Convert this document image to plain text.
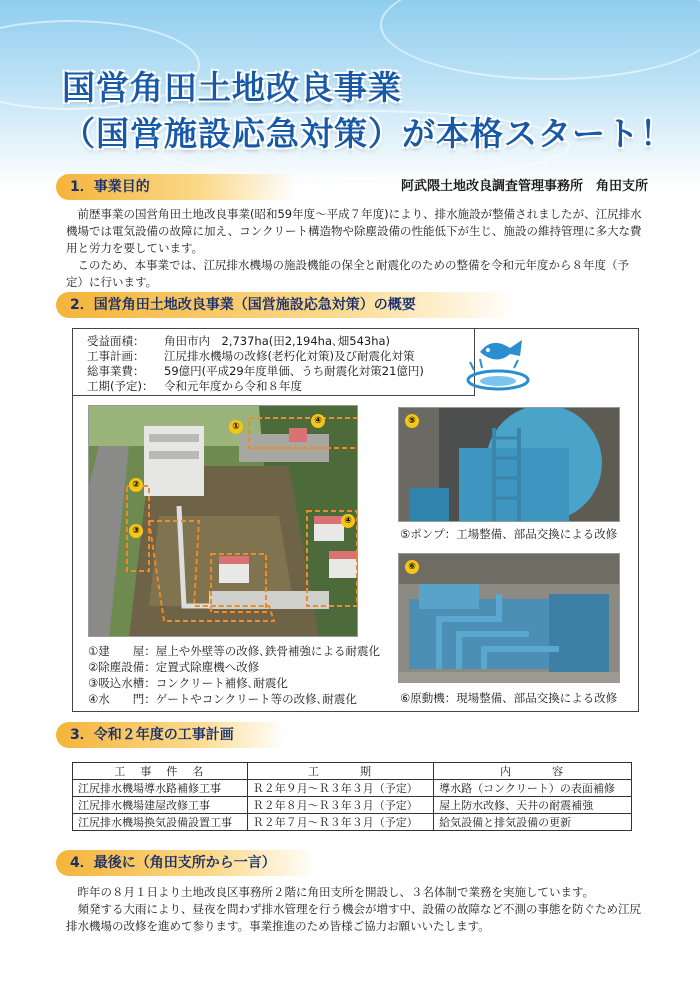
国営角田土地改良事業
（国営施設応急対策）が本格スタート！
1．事業目的	阿武隈土地改良調査管理事務所　角田支所

前歴事業の国営角田土地改良事業(昭和59年度～平成７年度)により、排水施設が整備されましたが、江尻排水機場では電気設備の故障に加え、コンクリート構造物や除塵設備の性能低下が生じ、施設の維持管理に多大な費用と労力を要しています。

このため、本事業では、江尻排水機場の施設機能の保全と耐震化のための整備を令和元年度から８年度（予定）に行います。

2．国営角田土地改良事業（国営施設応急対策）の概要
受益面積： 角田市内　2,737ha(田2,194ha､畑543ha)
工事計画： 江尻排水機場の改修(老朽化対策)及び耐震化対策
総事業費： 59億円(平成29年度単価、うち耐震化対策21億円)
工期(予定)： 令和元年度から令和８年度
①
②
③
④
④
①建　　屋：屋上や外壁等の改修､鉄骨補強による耐震化
②除塵設備：定置式除塵機へ改修
③吸込水槽：コンクリート補修､耐震化
④水　　門：ゲートやコンクリート等の改修､耐震化
⑤
⑤ポンプ：工場整備、部品交換による改修
⑥
⑥原動機：現場整備、部品交換による改修
3．令和２年度の工事計画
工　事　件　名	工　　　期	内　　　容
江尻排水機場導水路補修工事	Ｒ２年９月～Ｒ３年３月（予定）	導水路（コンクリート）の表面補修
江尻排水機場建屋改修工事	Ｒ２年８月～Ｒ３年３月（予定）	屋上防水改修、天井の耐震補強
江尻排水機場換気設備設置工事	Ｒ２年７月～Ｒ３年３月（予定）	給気設備と排気設備の更新
4．最後に（角田支所から一言）

昨年の８月１日より土地改良区事務所２階に角田支所を開設し、３名体制で業務を実施しています。

頻発する大雨により、昼夜を問わず排水管理を行う機会が増す中、設備の故障など不測の事態を防ぐため江尻排水機場の改修を進めて参ります。事業推進のため皆様ご協力お願いいたします。
